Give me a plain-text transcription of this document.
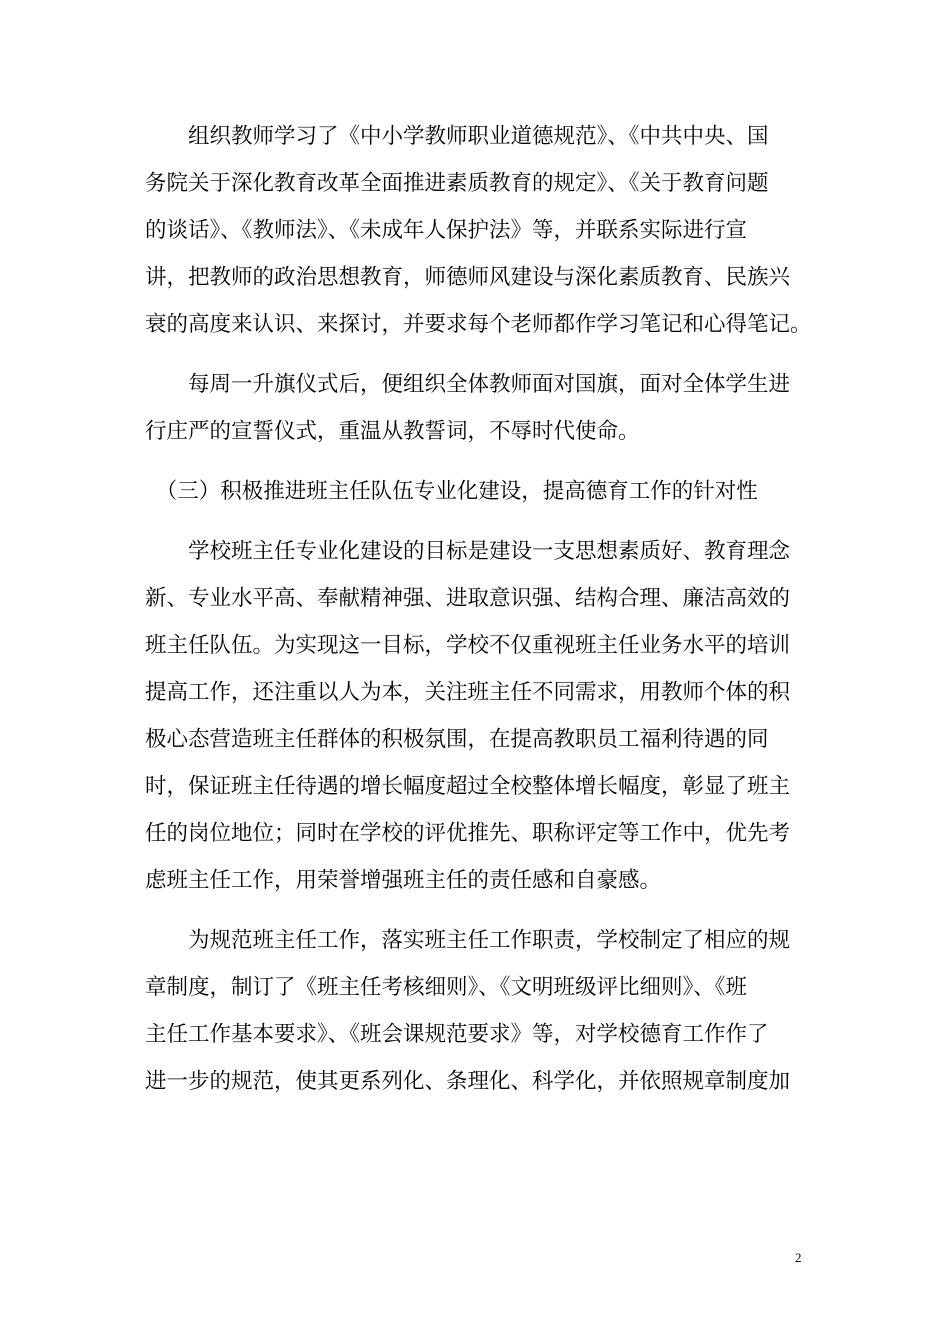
　　组织教师学习了《中小学教师职业道德规范》、《中共中央、国
务院关于深化教育改革全面推进素质教育的规定》、《关于教育问题
的谈话》、《教师法》、《未成年人保护法》等，并联系实际进行宣
讲，把教师的政治思想教育，师德师风建设与深化素质教育、民族兴
衰的高度来认识、来探讨，并要求每个老师都作学习笔记和心得笔记。

　　每周一升旗仪式后，便组织全体教师面对国旗，面对全体学生进
行庄严的宣誓仪式，重温从教誓词，不辱时代使命。

　（三）积极推进班主任队伍专业化建设，提高德育工作的针对性

　　学校班主任专业化建设的目标是建设一支思想素质好、教育理念
新、专业水平高、奉献精神强、进取意识强、结构合理、廉洁高效的
班主任队伍。为实现这一目标，学校不仅重视班主任业务水平的培训
提高工作，还注重以人为本，关注班主任不同需求，用教师个体的积
极心态营造班主任群体的积极氛围，在提高教职员工福利待遇的同
时，保证班主任待遇的增长幅度超过全校整体增长幅度，彰显了班主
任的岗位地位；同时在学校的评优推先、职称评定等工作中，优先考
虑班主任工作，用荣誉增强班主任的责任感和自豪感。

　　为规范班主任工作，落实班主任工作职责，学校制定了相应的规
章制度，制订了《班主任考核细则》、《文明班级评比细则》、《班
主任工作基本要求》、《班会课规范要求》等，对学校德育工作作了
进一步的规范，使其更系列化、条理化、科学化，并依照规章制度加

2
